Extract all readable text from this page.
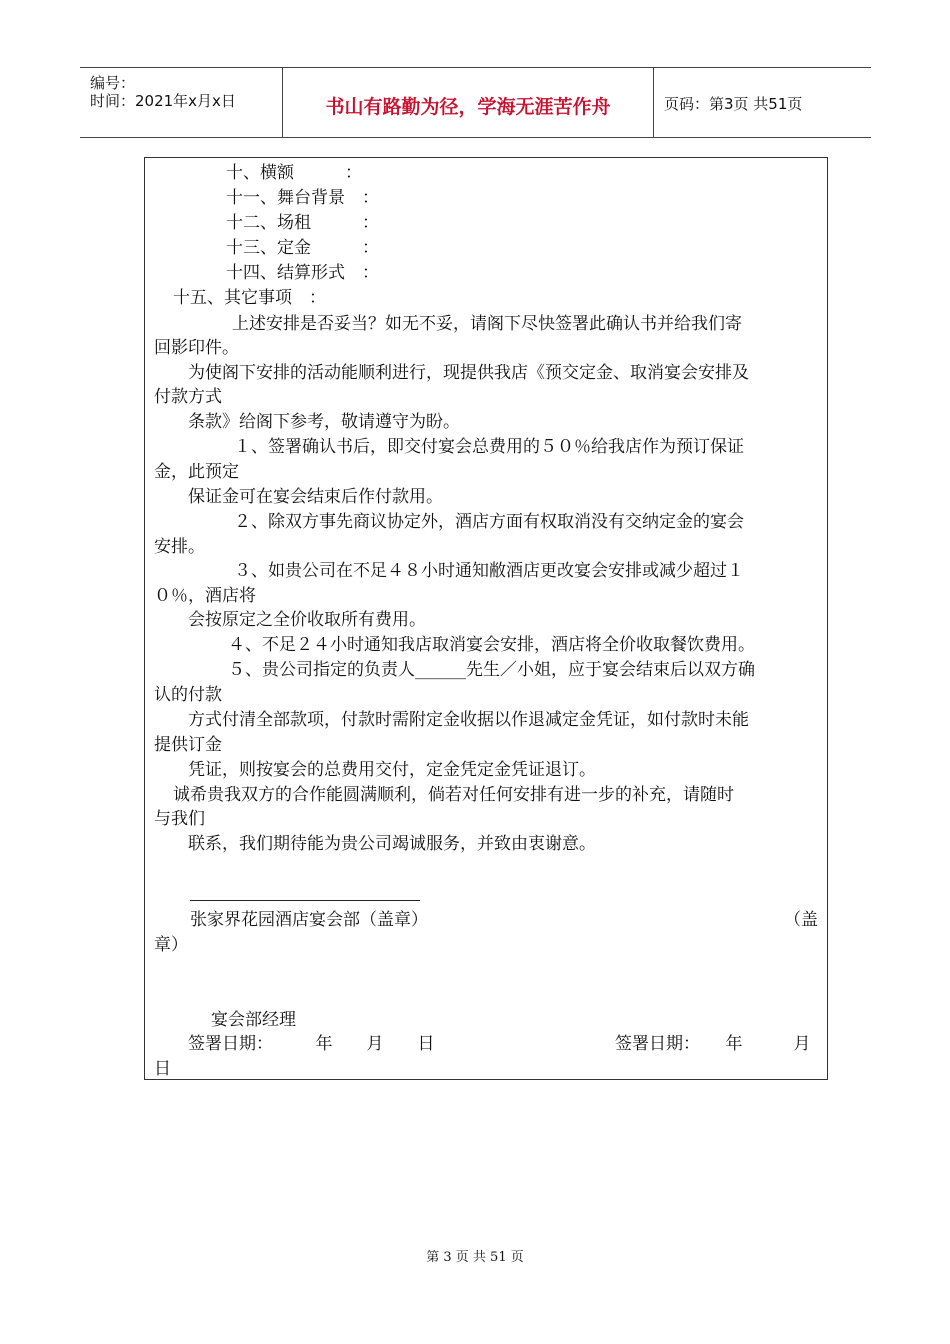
编号：
时间：2021年x月x日	书山有路勤为径，学海无涯苦作舟	页码：第3页 共51页
十、横额　　　：
十一、舞台背景　：
十二、场租　　　：
十三、定金　　　：
十四、结算形式　：
十五、其它事项　：
上述安排是否妥当？如无不妥，请阁下尽快签署此确认书并给我们寄
回影印件。
为使阁下安排的活动能顺利进行，现提供我店《预交定金、取消宴会安排及
付款方式
条款》给阁下参考，敬请遵守为盼。
１、签署确认书后，即交付宴会总费用的５０％给我店作为预订保证
金，此预定
保证金可在宴会结束后作付款用。
２、除双方事先商议协定外，酒店方面有权取消没有交纳定金的宴会
安排。
３、如贵公司在不足４８小时通知敝酒店更改宴会安排或减少超过１
０％，酒店将
会按原定之全价收取所有费用。
４、不足２４小时通知我店取消宴会安排，酒店将全价收取餐饮费用。
５、贵公司指定的负责人______先生／小姐，应于宴会结束后以双方确
认的付款
方式付清全部款项，付款时需附定金收据以作退减定金凭证，如付款时未能
提供订金
凭证，则按宴会的总费用交付，定金凭定金凭证退订。
诚希贵我双方的合作能圆满顺利，倘若对任何安排有进一步的补充，请随时
与我们
联系，我们期待能为贵公司竭诚服务，并致由衷谢意。
张家界花园酒店宴会部（盖章）	（盖
章）
宴会部经理
签署日期：　　　年　　月　　日	签署日期：　　年　　　月
日
第 3 页 共 51 页
